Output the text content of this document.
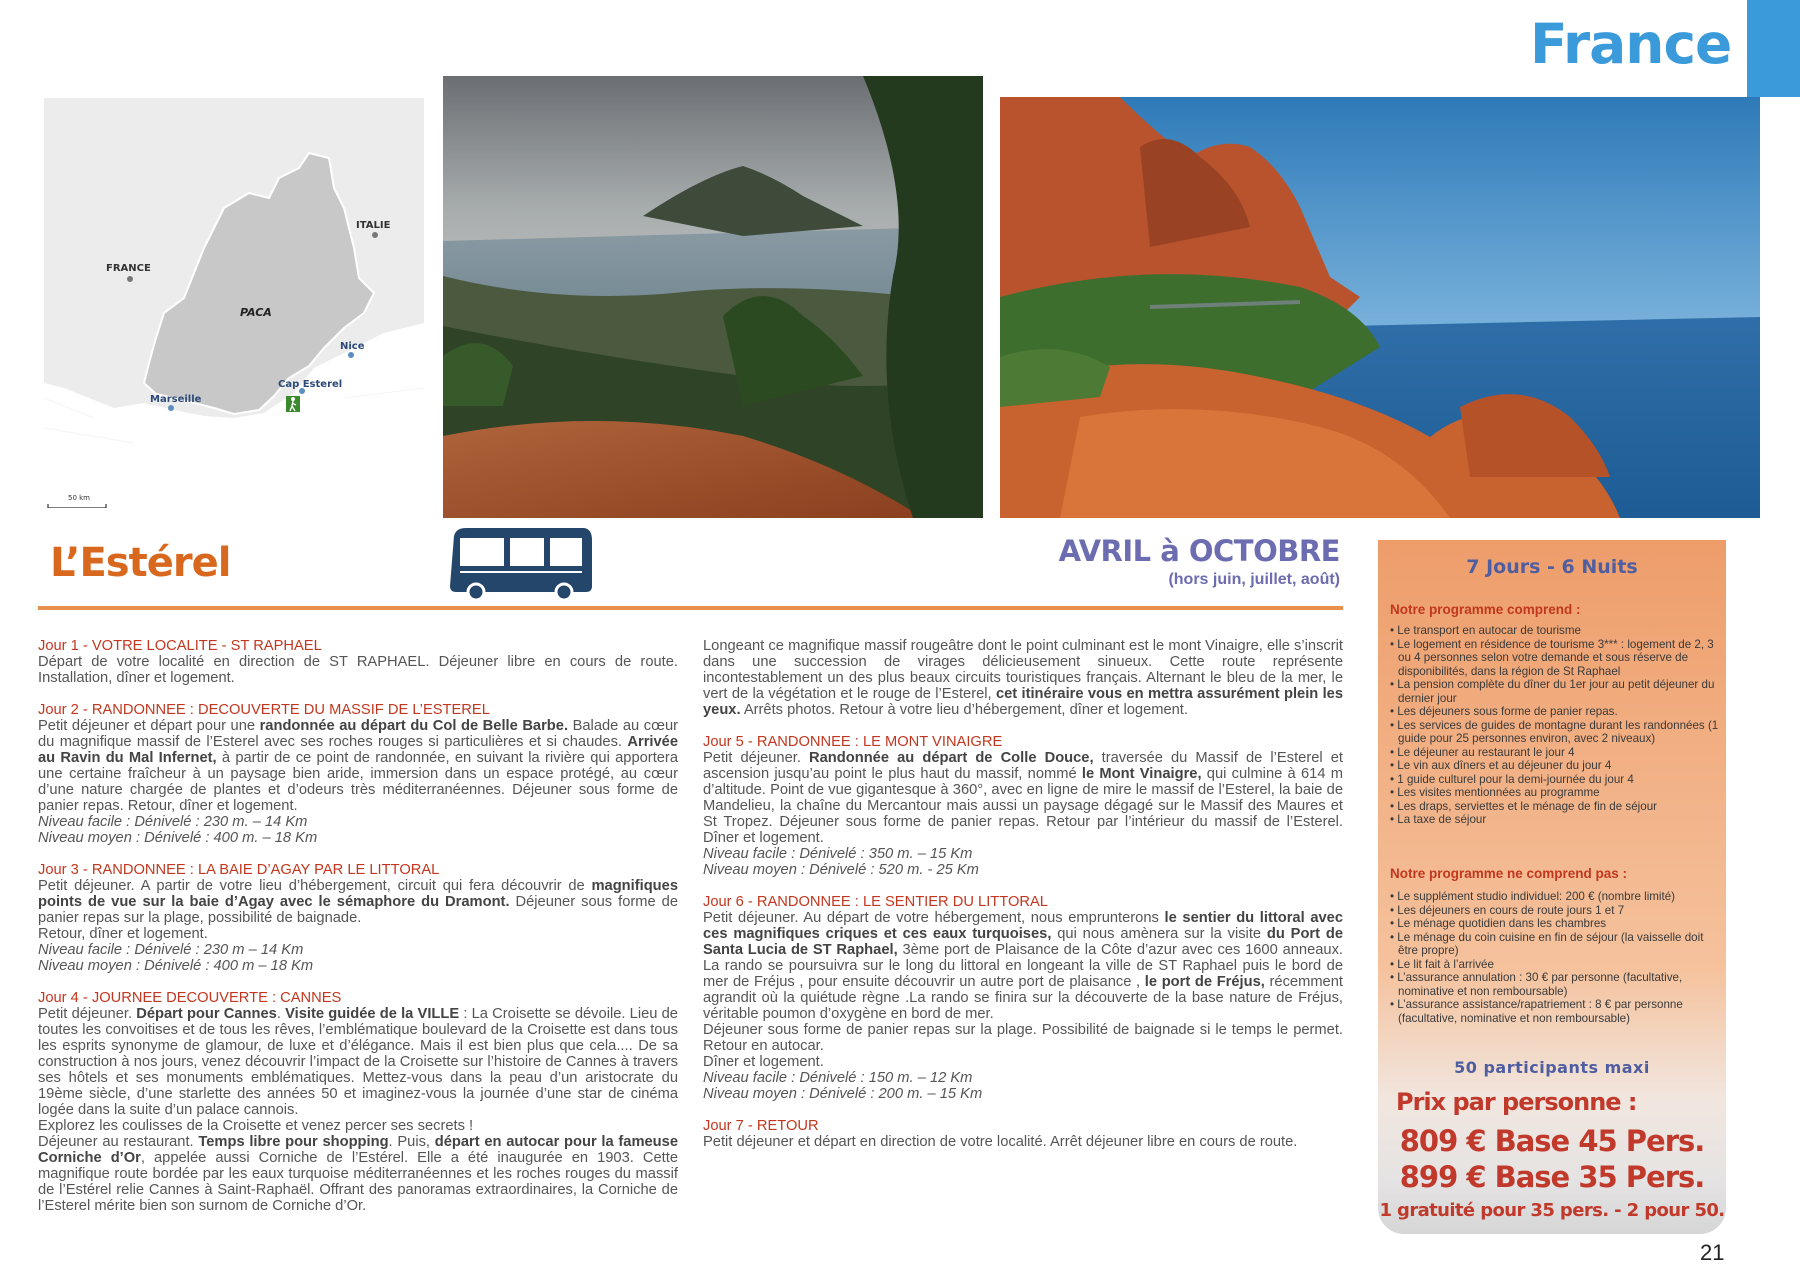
France
ITALIE
FRANCE
PACA
Nice
Cap Esterel
Marseille
50 km
L’Estérel	AVRIL à OCTOBRE
(hors juin, juillet, août)
Jour 1 - VOTRE LOCALITE - ST RAPHAEL
Départ de votre localité en direction de ST RAPHAEL. Déjeuner libre en cours de route. Installation, dîner et logement.
Jour 2 - RANDONNEE : DECOUVERTE DU MASSIF DE L’ESTEREL
Petit déjeuner et départ pour une randonnée au départ du Col de Belle Barbe. Balade au cœur du magnifique massif de l’Esterel avec ses roches rouges si particulières et si chaudes. Arrivée au Ravin du Mal Infernet, à partir de ce point de randonnée, en suivant la rivière qui apportera une certaine fraîcheur à un paysage bien aride, immersion dans un espace protégé, au cœur d’une nature chargée de plantes et d’odeurs très méditerranéennes. Déjeuner sous forme de panier repas. Retour, dîner et logement.
Niveau facile : Dénivelé : 230 m. – 14 Km
Niveau moyen : Dénivelé : 400 m. – 18 Km
Jour 3 - RANDONNEE : LA BAIE D’AGAY PAR LE LITTORAL
Petit déjeuner. A partir de votre lieu d’hébergement, circuit qui fera découvrir de magnifiques points de vue sur la baie d’Agay avec le sémaphore du Dramont. Déjeuner sous forme de panier repas sur la plage, possibilité de baignade.
Retour, dîner et logement.
Niveau facile : Dénivelé : 230 m – 14 Km
Niveau moyen : Dénivelé : 400 m – 18 Km
Jour 4 - JOURNEE DECOUVERTE : CANNES
Petit déjeuner. Départ pour Cannes. Visite guidée de la VILLE : La Croisette se dévoile. Lieu de toutes les convoitises et de tous les rêves, l’emblématique boulevard de la Croisette est dans tous les esprits synonyme de glamour, de luxe et d’élégance. Mais il est bien plus que cela.... De sa construction à nos jours, venez découvrir l’impact de la Croisette sur l’histoire de Cannes à travers ses hôtels et ses monuments emblématiques. Mettez-vous dans la peau d’un aristocrate du 19ème siècle, d’une starlette des années 50 et imaginez-vous la journée d’une star de cinéma logée dans la suite d’un palace cannois.
Explorez les coulisses de la Croisette et venez percer ses secrets !
Déjeuner au restaurant. Temps libre pour shopping. Puis, départ en autocar pour la fameuse Corniche d’Or, appelée aussi Corniche de l’Estérel. Elle a été inaugurée en 1903. Cette magnifique route bordée par les eaux turquoise méditerranéennes et les roches rouges du massif de l’Estérel relie Cannes à Saint-Raphaël. Offrant des panoramas extraordinaires, la Corniche de l’Esterel mérite bien son surnom de Corniche d’Or.
Longeant ce magnifique massif rougeâtre dont le point culminant est le mont Vinaigre, elle s’inscrit dans une succession de virages délicieusement sinueux. Cette route représente incontestablement un des plus beaux circuits touristiques français. Alternant le bleu de la mer, le vert de la végétation et le rouge de l’Esterel, cet itinéraire vous en mettra assurément plein les yeux. Arrêts photos. Retour à votre lieu d’hébergement, dîner et logement.
Jour 5 - RANDONNEE : LE MONT VINAIGRE
Petit déjeuner. Randonnée au départ de Colle Douce, traversée du Massif de l’Esterel et ascension jusqu’au point le plus haut du massif, nommé le Mont Vinaigre, qui culmine à 614 m d’altitude. Point de vue gigantesque à 360°, avec en ligne de mire le massif de l’Esterel, la baie de Mandelieu, la chaîne du Mercantour mais aussi un paysage dégagé sur le Massif des Maures et St Tropez. Déjeuner sous forme de panier repas. Retour par l’intérieur du massif de l’Esterel. Dîner et logement.
Niveau facile : Dénivelé : 350 m. – 15 Km
Niveau moyen : Dénivelé : 520 m. - 25 Km
Jour 6 - RANDONNEE : LE SENTIER DU LITTORAL
Petit déjeuner. Au départ de votre hébergement, nous emprunterons le sentier du littoral avec ces magnifiques criques et ces eaux turquoises, qui nous amènera sur la visite du Port de Santa Lucia de ST Raphael, 3ème port de Plaisance de la Côte d’azur avec ces 1600 anneaux. La rando se poursuivra sur le long du littoral en longeant la ville de ST Raphael puis le bord de mer de Fréjus , pour ensuite découvrir un autre port de plaisance , le port de Fréjus, récemment agrandit où la quiétude règne .La rando se finira sur la découverte de la base nature de Fréjus, véritable poumon d’oxygène en bord de mer.
Déjeuner sous forme de panier repas sur la plage. Possibilité de baignade si le temps le permet. Retour en autocar.
Dîner et logement.
Niveau facile : Dénivelé : 150 m. – 12 Km
Niveau moyen : Dénivelé : 200 m. – 15 Km
Jour 7 - RETOUR
Petit déjeuner et départ en direction de votre localité. Arrêt déjeuner libre en cours de route.
7 Jours - 6 Nuits
Notre programme comprend :
• Le transport en autocar de tourisme
• Le logement en résidence de tourisme 3*** : logement de 2, 3 ou 4 personnes selon votre demande et sous réserve de disponibilités, dans la région de St Raphael
• La pension complète du dîner du 1er jour au petit déjeuner du dernier jour
• Les déjeuners sous forme de panier repas.
• Les services de guides de montagne durant les randonnées (1 guide pour 25 personnes environ, avec 2 niveaux)
• Le déjeuner au restaurant le jour 4
• Le vin aux dîners et au déjeuner du jour 4
• 1 guide culturel pour la demi-journée du jour 4
• Les visites mentionnées au programme
• Les draps, serviettes et le ménage de fin de séjour
• La taxe de séjour
Notre programme ne comprend pas :
• Le supplément studio individuel: 200 € (nombre limité)
• Les déjeuners en cours de route jours 1 et 7
• Le ménage quotidien dans les chambres
• Le ménage du coin cuisine en fin de séjour (la vaisselle doit être propre)
• Le lit fait à l’arrivée
• L’assurance annulation : 30 € par personne (facultative, nominative et non remboursable)
• L’assurance assistance/rapatriement : 8 € par personne (facultative, nominative et non remboursable)
50 participants maxi
Prix par personne :
809 € Base 45 Pers.
899 € Base 35 Pers.
1 gratuité pour 35 pers. - 2 pour 50.
21
